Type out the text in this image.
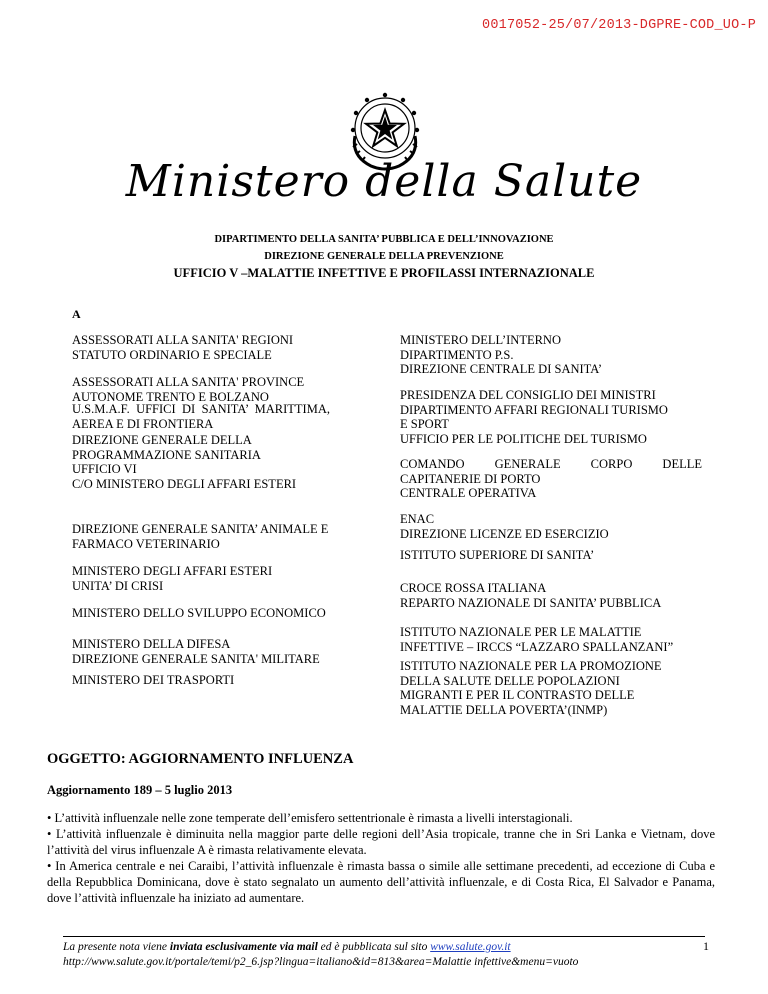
0017052-25/07/2013-DGPRE-COD_UO-P
Ministero della Salute
DIPARTIMENTO DELLA SANITA’ PUBBLICA E DELL’INNOVAZIONE
DIREZIONE GENERALE DELLA PREVENZIONE
UFFICIO V –MALATTIE INFETTIVE E PROFILASSI INTERNAZIONALE
A
ASSESSORATI ALLA SANITA' REGIONI
STATUTO ORDINARIO E SPECIALE
ASSESSORATI ALLA SANITA' PROVINCE
AUTONOME TRENTO E BOLZANO
U.S.M.A.F. UFFICI DI SANITA’ MARITTIMA,
AEREA E DI FRONTIERA
DIREZIONE GENERALE DELLA
PROGRAMMAZIONE SANITARIA
UFFICIO VI
C/O MINISTERO DEGLI AFFARI ESTERI
DIREZIONE GENERALE SANITA’ ANIMALE E
FARMACO VETERINARIO
MINISTERO DEGLI AFFARI ESTERI
UNITA’ DI CRISI
MINISTERO DELLO SVILUPPO ECONOMICO
MINISTERO DELLA DIFESA
DIREZIONE GENERALE SANITA' MILITARE
MINISTERO DEI TRASPORTI
MINISTERO DELL’INTERNO
DIPARTIMENTO P.S.
DIREZIONE CENTRALE DI SANITA’
PRESIDENZA DEL CONSIGLIO DEI MINISTRI
DIPARTIMENTO AFFARI REGIONALI TURISMO
E SPORT
UFFICIO PER LE POLITICHE DEL TURISMO
COMANDO GENERALE CORPO DELLE
CAPITANERIE DI PORTO
CENTRALE OPERATIVA
ENAC
DIREZIONE LICENZE ED ESERCIZIO
ISTITUTO SUPERIORE DI SANITA’
CROCE ROSSA ITALIANA
REPARTO NAZIONALE DI SANITA’ PUBBLICA
ISTITUTO NAZIONALE PER LE MALATTIE
INFETTIVE – IRCCS “LAZZARO SPALLANZANI”
ISTITUTO NAZIONALE PER LA PROMOZIONE
DELLA SALUTE DELLE POPOLAZIONI
MIGRANTI E PER IL CONTRASTO DELLE
MALATTIE DELLA POVERTA’(INMP)
OGGETTO: AGGIORNAMENTO INFLUENZA
Aggiornamento 189 – 5 luglio 2013

• L’attività influenzale nelle zone temperate dell’emisfero settentrionale è rimasta a livelli interstagionali.

• L’attività influenzale è diminuita nella maggior parte delle regioni dell’Asia tropicale, tranne che in Sri Lanka e Vietnam, dove l’attività del virus influenzale A è rimasta relativamente elevata.

• In America centrale e nei Caraibi, l’attività influenzale è rimasta bassa o simile alle settimane precedenti, ad eccezione di Cuba e della Repubblica Dominicana, dove è stato segnalato un aumento dell’attività influenzale, e di Costa Rica, El Salvador e Panama, dove l’attività influenzale ha iniziato ad aumentare.

La presente nota viene inviata esclusivamente via mail ed è pubblicata sul sito www.salute.gov.it
http://www.salute.gov.it/portale/temi/p2_6.jsp?lingua=italiano&id=813&area=Malattie infettive&menu=vuoto
1
